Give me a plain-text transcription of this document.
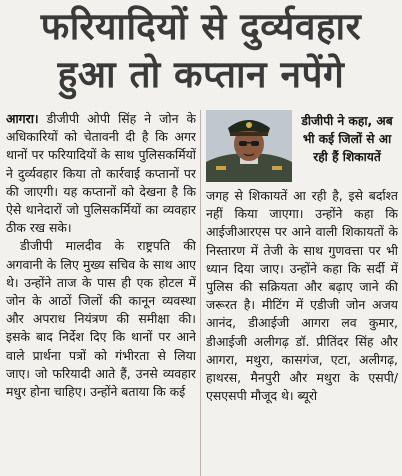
फरियादियों से दुर्व्यवहार
हुआ तो कप्तान नपेंगे

आगरा। डीजीपी ओपी सिंह ने जोन के अधिकारियों को चेतावनी दी है कि अगर थानों पर फरियादियों के साथ पुलिसकर्मियों ने दुर्व्यवहार किया तो कार्रवाई कप्तानों पर की जाएगी। यह कप्तानों को देखना है कि ऐसे थानेदारों जो पुलिसकर्मियों का व्यवहार ठीक रख सके।

डीजीपी मालदीव के राष्ट्रपति की अगवानी के लिए मुख्य सचिव के साथ आए थे। उन्होंने ताज के पास ही एक होटल में जोन के आठों जिलों की कानून व्यवस्था और अपराध नियंत्रण की समीक्षा की। इसके बाद निर्देश दिए कि थानों पर आने वाले प्रार्थना पत्रों को गंभीरता से लिया जाए। जो फरियादी आते हैं, उनसे व्यवहार मधुर होना चाहिए। उन्होंने बताया कि कई

डीजीपी ने कहा, अब भी कई जिलों से आ रही हैं शिकायतें

जगह से शिकायतें आ रही है, इसे बर्दाश्त नहीं किया जाएगा। उन्होंने कहा कि आईजीआरएस पर आने वाली शिकायतों के निस्तारण में तेजी के साथ गुणवत्ता पर भी ध्यान दिया जाए। उन्होंने कहा कि सर्दी में पुलिस की सक्रियता और बढ़ाए जाने की जरूरत है। मीटिंग में एडीजी जोन अजय आनंद, डीआईजी आगरा लव कुमार, डीआईजी अलीगढ़ डॉ. प्रीतिंदर सिंह और आगरा, मथुरा, कासगंज, एटा, अलीगढ़, हाथरस, मैनपुरी और मथुरा के एसपी/ एसएसपी मौजूद थे। ब्यूरो
